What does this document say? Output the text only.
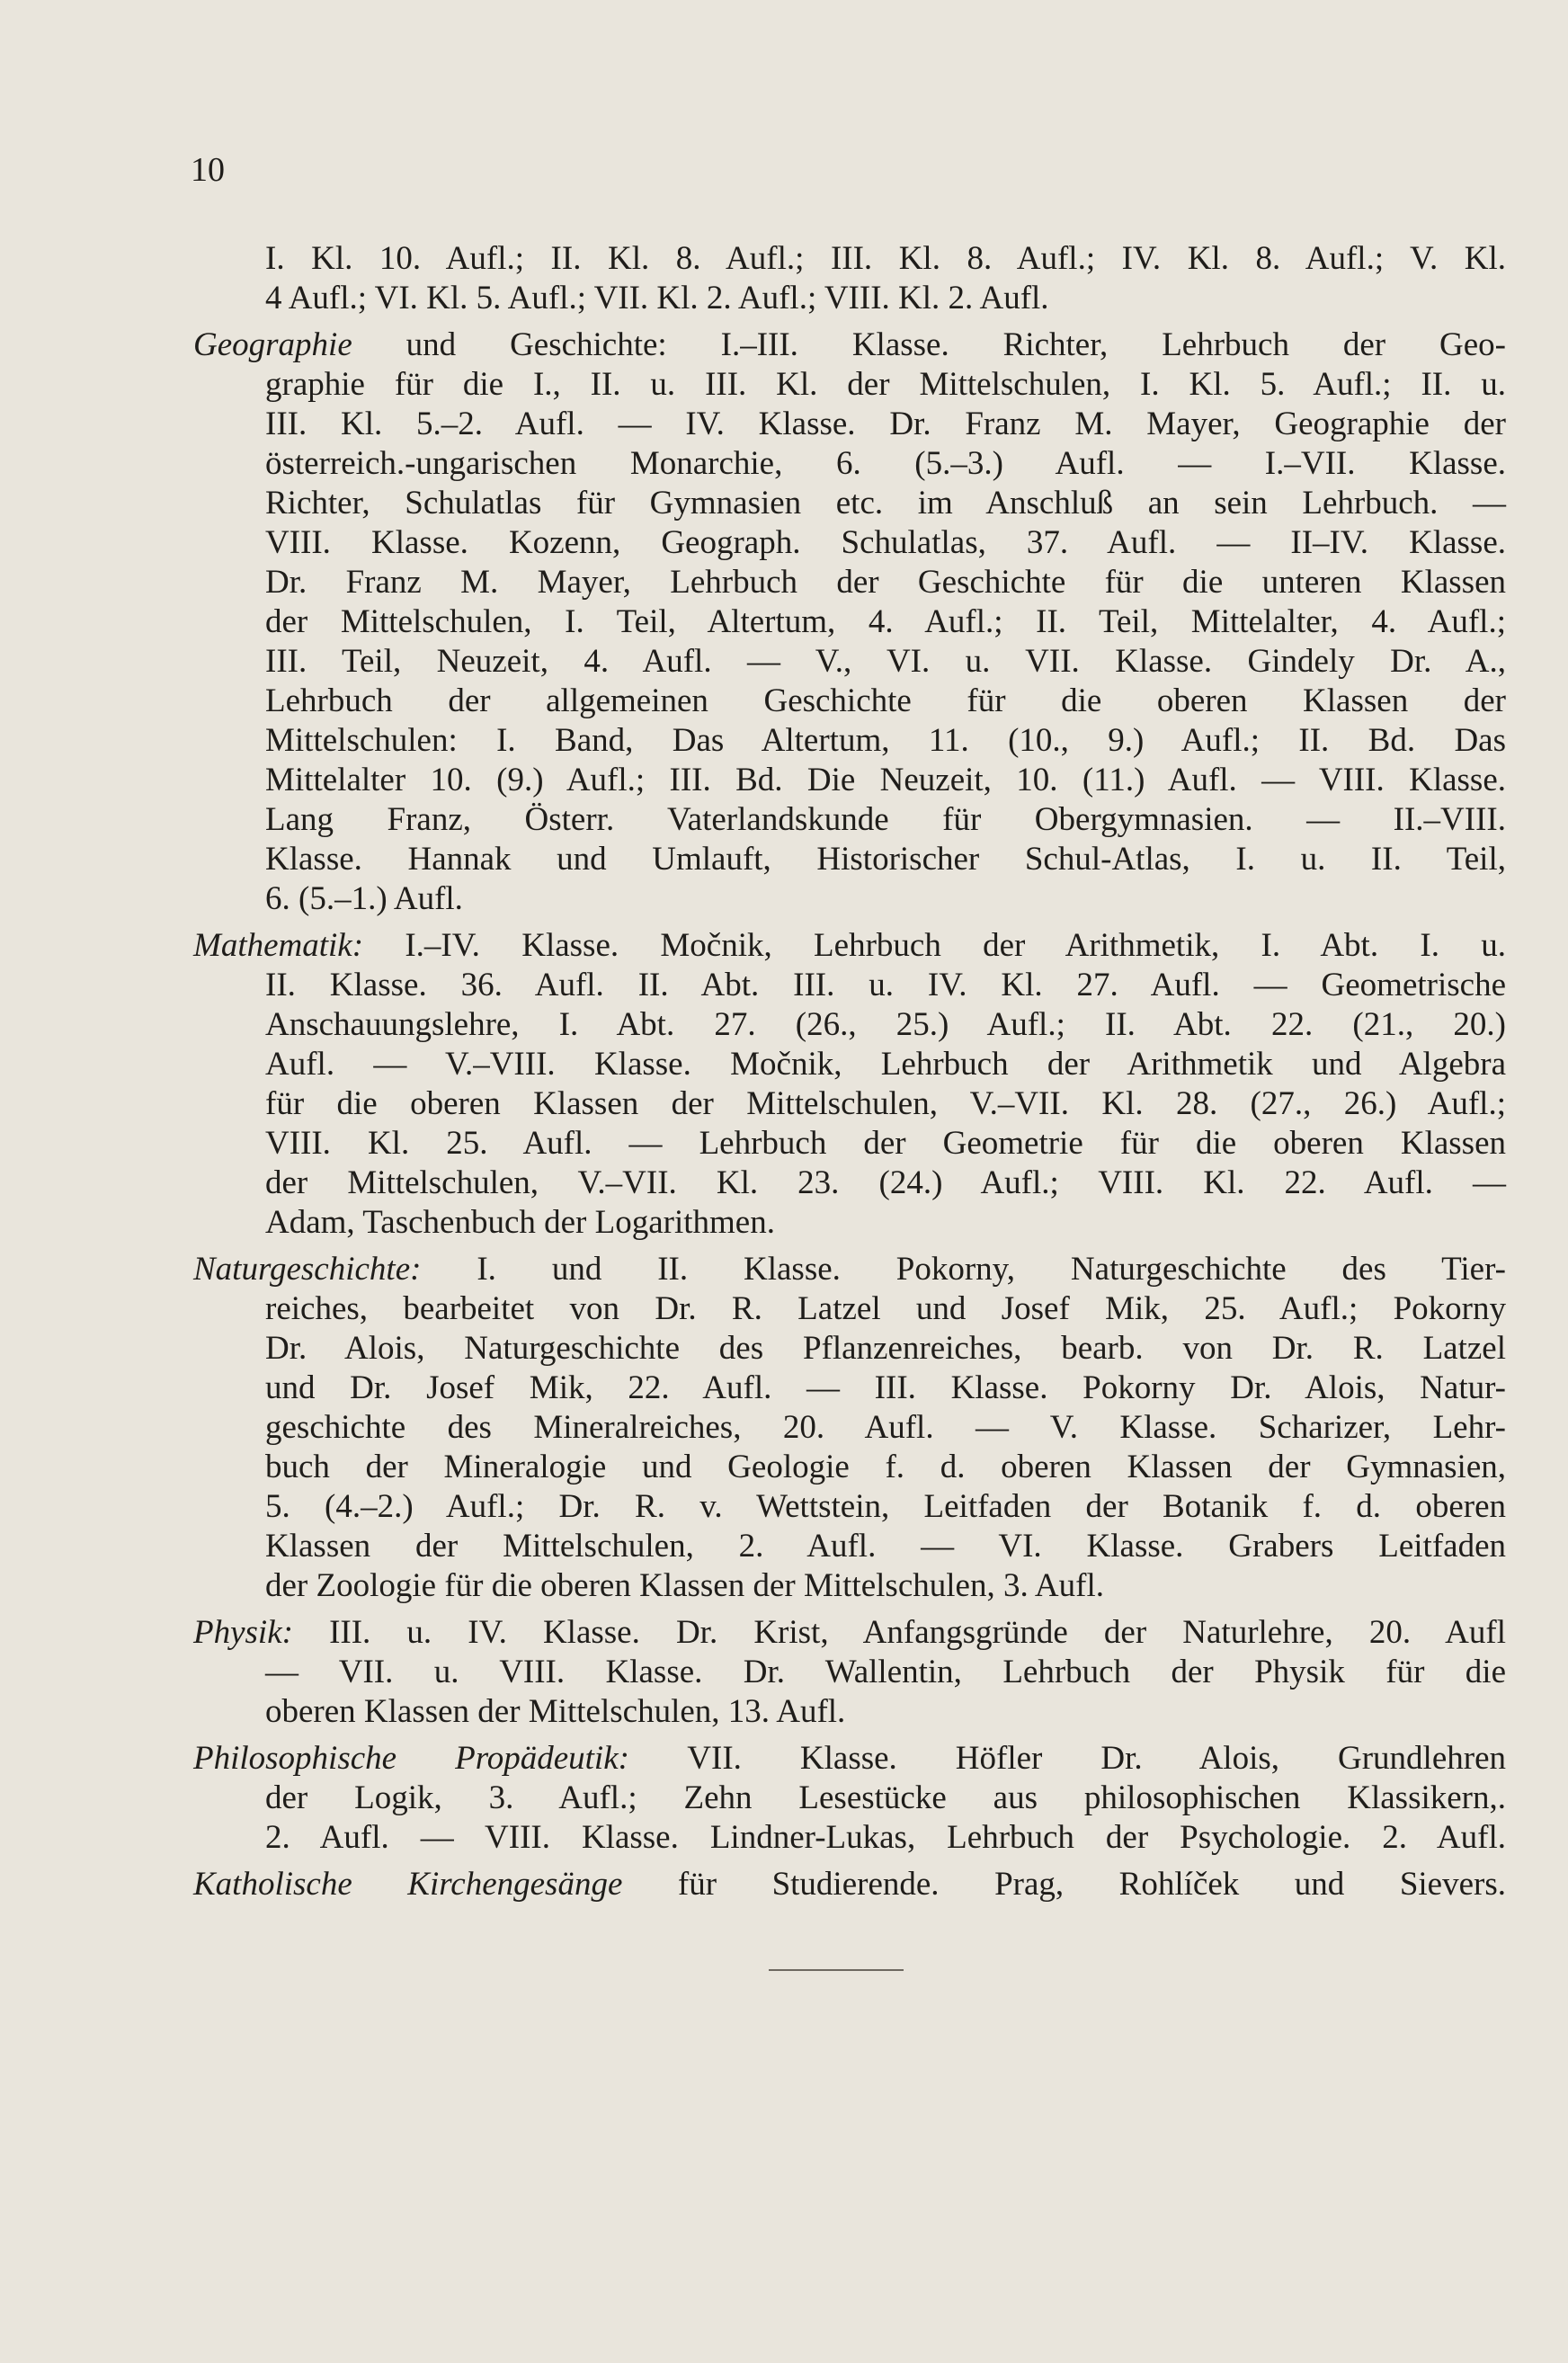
10
I. Kl. 10. Aufl.; II. Kl. 8. Aufl.; III. Kl. 8. Aufl.; IV. Kl. 8. Aufl.; V. Kl.
4 Aufl.; VI. Kl. 5. Aufl.; VII. Kl. 2. Aufl.; VIII. Kl. 2. Aufl.
Geographie und Geschichte: I.–III. Klasse. Richter, Lehrbuch der Geo-
graphie für die I., II. u. III. Kl. der Mittelschulen, I. Kl. 5. Aufl.; II. u.
III. Kl. 5.–2. Aufl. — IV. Klasse. Dr. Franz M. Mayer, Geographie der
österreich.-ungarischen Monarchie, 6. (5.–3.) Aufl. — I.–VII. Klasse.
Richter, Schulatlas für Gymnasien etc. im Anschluß an sein Lehrbuch. —
VIII. Klasse. Kozenn, Geograph. Schulatlas, 37. Aufl. — II–IV. Klasse.
Dr. Franz M. Mayer, Lehrbuch der Geschichte für die unteren Klassen
der Mittelschulen, I. Teil, Altertum, 4. Aufl.; II. Teil, Mittelalter, 4. Aufl.;
III. Teil, Neuzeit, 4. Aufl. — V., VI. u. VII. Klasse. Gindely Dr. A.,
Lehrbuch der allgemeinen Geschichte für die oberen Klassen der
Mittelschulen: I. Band, Das Altertum, 11. (10., 9.) Aufl.; II. Bd. Das
Mittelalter 10. (9.) Aufl.; III. Bd. Die Neuzeit, 10. (11.) Aufl. — VIII. Klasse.
Lang Franz, Österr. Vaterlandskunde für Obergymnasien. — II.–VIII.
Klasse. Hannak und Umlauft, Historischer Schul-Atlas, I. u. II. Teil,
6. (5.–1.) Aufl.
Mathematik: I.–IV. Klasse. Močnik, Lehrbuch der Arithmetik, I. Abt. I. u.
II. Klasse. 36. Aufl. II. Abt. III. u. IV. Kl. 27. Aufl. — Geometrische
Anschauungslehre, I. Abt. 27. (26., 25.) Aufl.; II. Abt. 22. (21., 20.)
Aufl. — V.–VIII. Klasse. Močnik, Lehrbuch der Arithmetik und Algebra
für die oberen Klassen der Mittelschulen, V.–VII. Kl. 28. (27., 26.) Aufl.;
VIII. Kl. 25. Aufl. — Lehrbuch der Geometrie für die oberen Klassen
der Mittelschulen, V.–VII. Kl. 23. (24.) Aufl.; VIII. Kl. 22. Aufl. —
Adam, Taschenbuch der Logarithmen.
Naturgeschichte: I. und II. Klasse. Pokorny, Naturgeschichte des Tier-
reiches, bearbeitet von Dr. R. Latzel und Josef Mik, 25. Aufl.; Pokorny
Dr. Alois, Naturgeschichte des Pflanzenreiches, bearb. von Dr. R. Latzel
und Dr. Josef Mik, 22. Aufl. — III. Klasse. Pokorny Dr. Alois, Natur-
geschichte des Mineralreiches, 20. Aufl. — V. Klasse. Scharizer, Lehr-
buch der Mineralogie und Geologie f. d. oberen Klassen der Gymnasien,
5. (4.–2.) Aufl.; Dr. R. v. Wettstein, Leitfaden der Botanik f. d. oberen
Klassen der Mittelschulen, 2. Aufl. — VI. Klasse. Grabers Leitfaden
der Zoologie für die oberen Klassen der Mittelschulen, 3. Aufl.
Physik: III. u. IV. Klasse. Dr. Krist, Anfangsgründe der Naturlehre, 20. Aufl
— VII. u. VIII. Klasse. Dr. Wallentin, Lehrbuch der Physik für die
oberen Klassen der Mittelschulen, 13. Aufl.
Philosophische Propädeutik: VII. Klasse. Höfler Dr. Alois, Grundlehren
der Logik, 3. Aufl.; Zehn Lesestücke aus philosophischen Klassikern,.
2. Aufl. — VIII. Klasse. Lindner-Lukas, Lehrbuch der Psychologie. 2. Aufl.
Katholische Kirchengesänge für Studierende. Prag, Rohlíček und Sievers.
